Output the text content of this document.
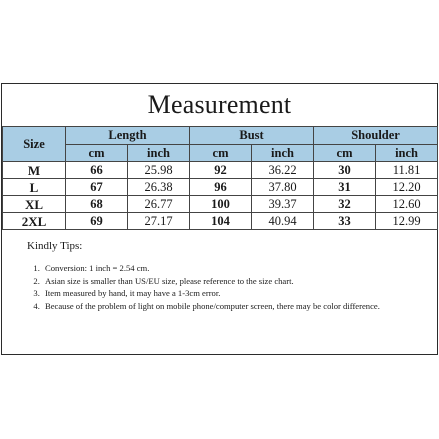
Measurement
Size	Length		Bust		Shoulder	
	cm	inch	cm	inch	cm	inch
M	66	25.98	92	36.22	30	11.81
L	67	26.38	96	37.80	31	12.20
XL	68	26.77	100	39.37	32	12.60
2XL	69	27.17	104	40.94	33	12.99
Kindly Tips:
1. Conversion: 1 inch = 2.54 cm.
2. Asian size is smaller than US/EU size, please reference to the size chart.
3. Item measured by hand, it may have a 1-3cm error.
4. Because of the problem of light on mobile phone/computer screen, there may be color difference.
